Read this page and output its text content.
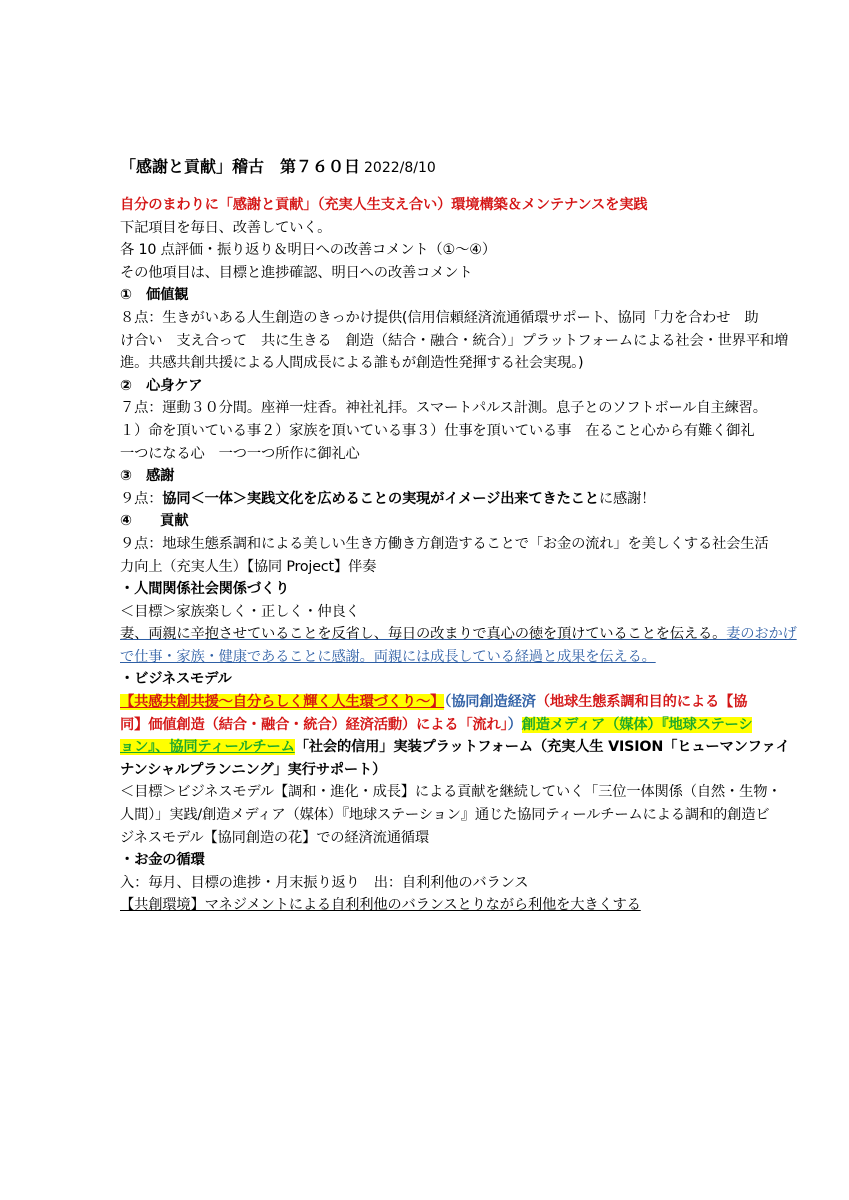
「感謝と貢献」稽古　第７６０日 2022/8/10
自分のまわりに「感謝と貢献」（充実人生支え合い）環境構築＆メンテナンスを実践
下記項目を毎日、改善していく。
各 10 点評価・振り返り＆明日への改善コメント（①～④）
その他項目は、目標と進捗確認、明日への改善コメント
①　価値観
８点：生きがいある人生創造のきっかけ提供(信用信頼経済流通循環サポート、協同「力を合わせ　助
け合い　支え合って　共に生きる　創造（結合・融合・統合）」プラットフォームによる社会・世界平和増
進。共感共創共援による人間成長による誰もが創造性発揮する社会実現。)
②　心身ケア
７点：運動３０分間。座禅一炷香。神社礼拝。スマートパルス計測。息子とのソフトボール自主練習。
１）命を頂いている事２）家族を頂いている事３）仕事を頂いている事　在ること心から有難く御礼
一つになる心　一つ一つ所作に御礼心
③　感謝
９点：協同＜一体＞実践文化を広めることの実現がイメージ出来てきたことに感謝！
④　　貢献
９点：地球生態系調和による美しい生き方働き方創造することで「お金の流れ」を美しくする社会生活
力向上（充実人生）【協同 Project】伴奏
・人間関係社会関係づくり
＜目標＞家族楽しく・正しく・仲良く
妻、両親に辛抱させていることを反省し、毎日の改まりで真心の徳を頂けていることを伝える。妻のおかげ
で仕事・家族・健康であることに感謝。両親には成長している経過と成果を伝える。
・ビジネスモデル
【共感共創共援～自分らしく輝く人生環づくり～】（協同創造経済（地球生態系調和目的による【協
同】価値創造（結合・融合・統合）経済活動）による「流れ」）創造メディア（媒体）『地球ステーシ
ョン』、協同ティールチーム「社会的信用」実装プラットフォーム（充実人生 VISION「ヒューマンファイ
ナンシャルプランニング」実行サポート）
＜目標＞ビジネスモデル【調和・進化・成長】による貢献を継続していく「三位一体関係（自然・生物・
人間）」実践/創造メディア（媒体）『地球ステーション』通じた協同ティールチームによる調和的創造ビ
ジネスモデル【協同創造の花】での経済流通循環
・お金の循環
入：毎月、目標の進捗・月末振り返り　出：自利利他のバランス
【共創環境】マネジメントによる自利利他のバランスとりながら利他を大きくする
